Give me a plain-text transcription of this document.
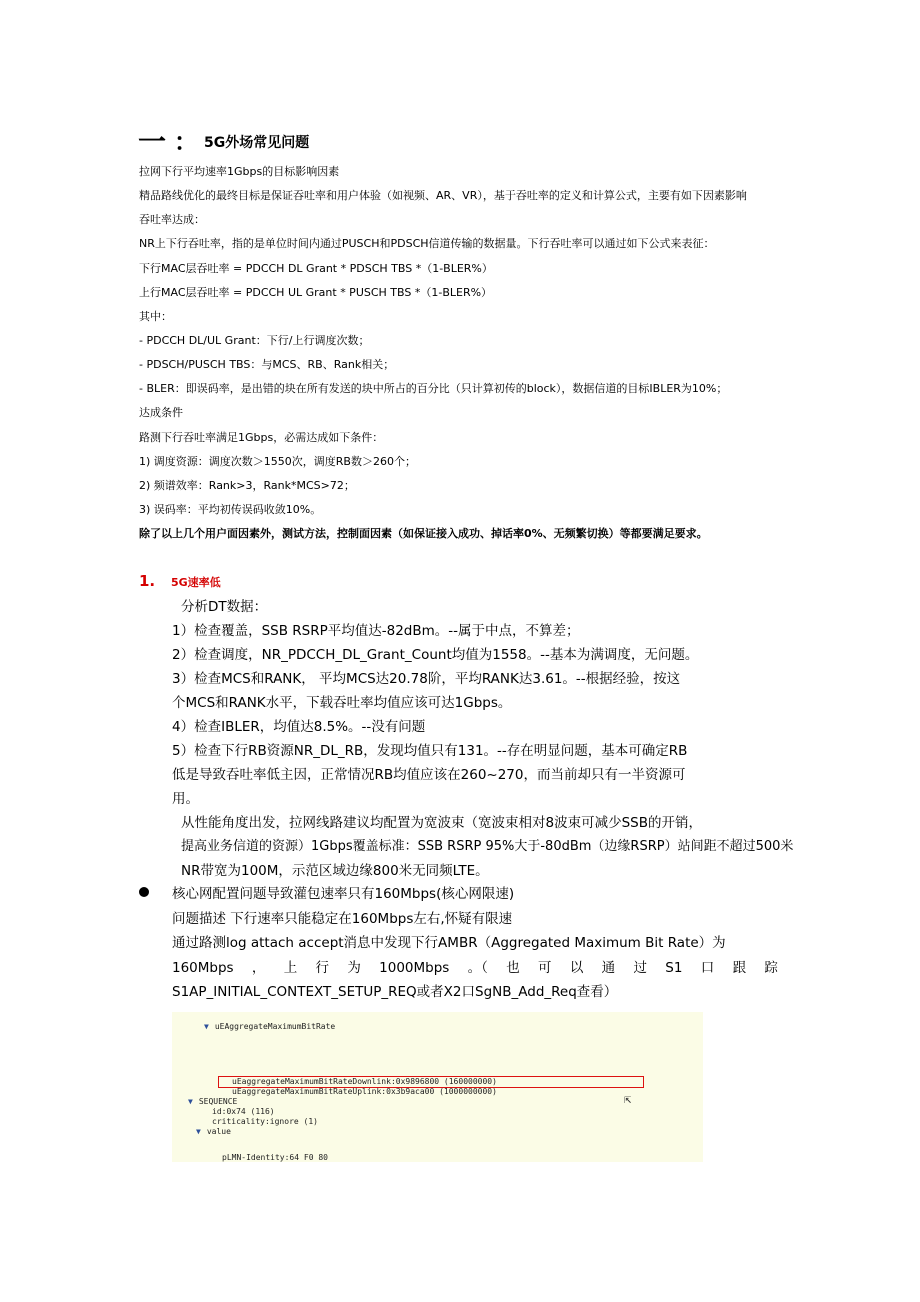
一 ： 5G外场常见问题
拉网下行平均速率1Gbps的目标影响因素
精品路线优化的最终目标是保证吞吐率和用户体验（如视频、AR、VR），基于吞吐率的定义和计算公式，主要有如下因素影响
吞吐率达成：
NR上下行吞吐率，指的是单位时间内通过PUSCH和PDSCH信道传输的数据量。下行吞吐率可以通过如下公式来表征：
下行MAC层吞吐率 = PDCCH DL Grant * PDSCH TBS *（1-BLER%）
上行MAC层吞吐率 = PDCCH UL Grant * PUSCH TBS *（1-BLER%）
其中：
- PDCCH DL/UL Grant：下行/上行调度次数；
- PDSCH/PUSCH TBS：与MCS、RB、Rank相关；
- BLER：即误码率，是出错的块在所有发送的块中所占的百分比（只计算初传的block），数据信道的目标IBLER为10%；
达成条件
路测下行吞吐率满足1Gbps，必需达成如下条件：
1) 调度资源：调度次数＞1550次，调度RB数＞260个；
2) 频谱效率：Rank>3，Rank*MCS>72；
3) 误码率：平均初传误码收敛10%。
除了以上几个用户面因素外，测试方法，控制面因素（如保证接入成功、掉话率0%、无频繁切换）等都要满足要求。
1.	5G速率低
分析DT数据：
1）检查覆盖，SSB RSRP平均值达-82dBm。--属于中点，不算差；
2）检查调度，NR_PDCCH_DL_Grant_Count均值为1558。--基本为满调度，无问题。
3）检查MCS和RANK， 平均MCS达20.78阶，平均RANK达3.61。--根据经验，按这
个MCS和RANK水平，下载吞吐率均值应该可达1Gbps。
4）检查IBLER，均值达8.5%。--没有问题
5）检查下行RB资源NR_DL_RB，发现均值只有131。--存在明显问题，基本可确定RB
低是导致吞吐率低主因，正常情况RB均值应该在260~270，而当前却只有一半资源可
用。
从性能角度出发，拉网线路建议均配置为宽波束（宽波束相对8波束可减少SSB的开销，
提高业务信道的资源）1Gbps覆盖标准：SSB RSRP 95%大于-80dBm（边缘RSRP）站间距不超过500米
NR带宽为100M，示范区域边缘800米无同频LTE。
核心网配置问题导致灌包速率只有160Mbps(核心网限速)
问题描述 下行速率只能稳定在160Mbps左右,怀疑有限速
通过路测log attach accept消息中发现下行AMBR（Aggregated Maximum Bit Rate）为
160Mbps ， 上 行 为 1000Mbps 。（ 也 可 以 通 过 S1 口 跟 踪
S1AP_INITIAL_CONTEXT_SETUP_REQ或者X2口SgNB_Add_Req查看）
▼ uEAggregateMaximumBitRate
uEaggregateMaximumBitRateDownlink:0x9896800 (160000000)
uEaggregateMaximumBitRateUplink:0x3b9aca00 (1000000000)
▼ SEQUENCE
id:0x74 (116)
criticality:ignore (1)
▼ value
pLMN-Identity:64 F0 80
⇱
